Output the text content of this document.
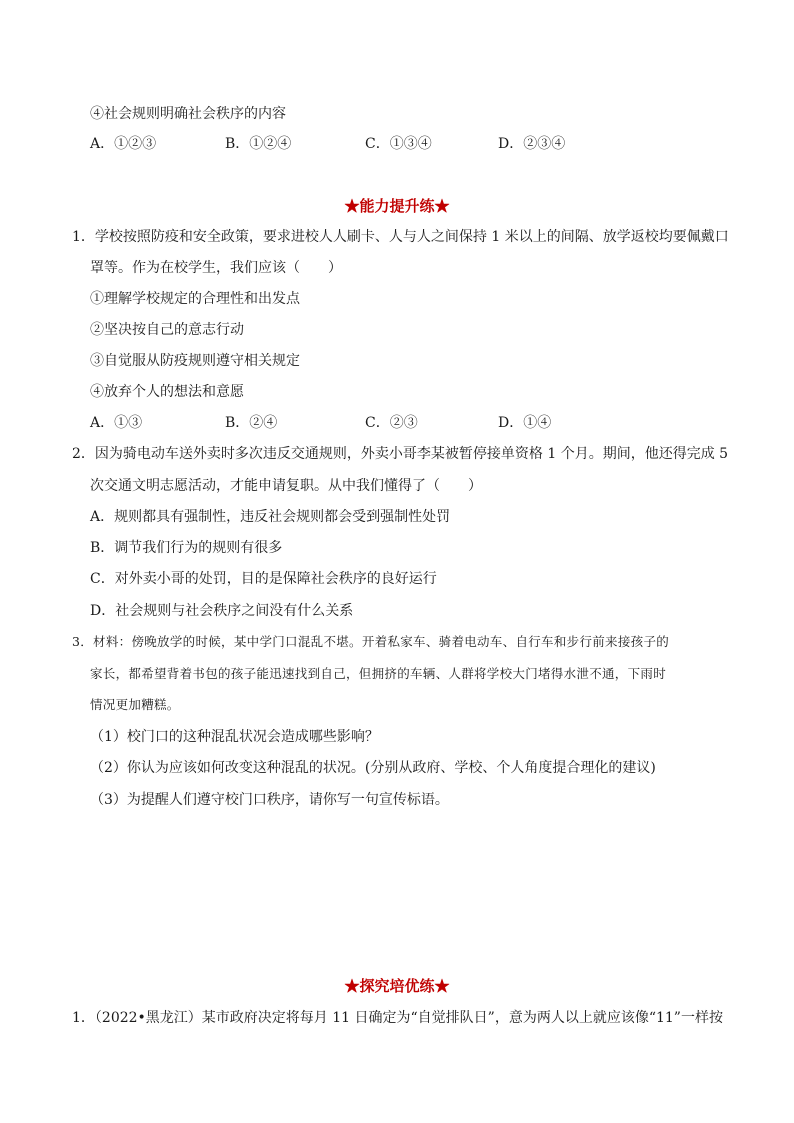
④社会规则明确社会秩序的内容
A．①②③	B．①②④	C．①③④	D．②③④
★能力提升练★
1．学校按照防疫和安全政策，要求进校人人刷卡、人与人之间保持 1 米以上的间隔、放学返校均要佩戴口
罩等。作为在校学生，我们应该（　　）
①理解学校规定的合理性和出发点
②坚决按自己的意志行动
③自觉服从防疫规则遵守相关规定
④放弃个人的想法和意愿
A．①③	B．②④	C．②③	D．①④
2．因为骑电动车送外卖时多次违反交通规则，外卖小哥李某被暂停接单资格 1 个月。期间，他还得完成 5
次交通文明志愿活动，才能申请复职。从中我们懂得了（　　）
A．规则都具有强制性，违反社会规则都会受到强制性处罚
B．调节我们行为的规则有很多
C．对外卖小哥的处罚，目的是保障社会秩序的良好运行
D．社会规则与社会秩序之间没有什么关系
3．材料：傍晚放学的时候，某中学门口混乱不堪。开着私家车、骑着电动车、自行车和步行前来接孩子的
家长，都希望背着书包的孩子能迅速找到自己，但拥挤的车辆、人群将学校大门堵得水泄不通，下雨时
情况更加糟糕。
（1）校门口的这种混乱状况会造成哪些影响？
（2）你认为应该如何改变这种混乱的状况。(分别从政府、学校、个人角度提合理化的建议)
（3）为提醒人们遵守校门口秩序，请你写一句宣传标语。
★探究培优练★
1．（2022•黑龙江）某市政府决定将每月 11 日确定为“自觉排队日”，意为两人以上就应该像“11”一样按
